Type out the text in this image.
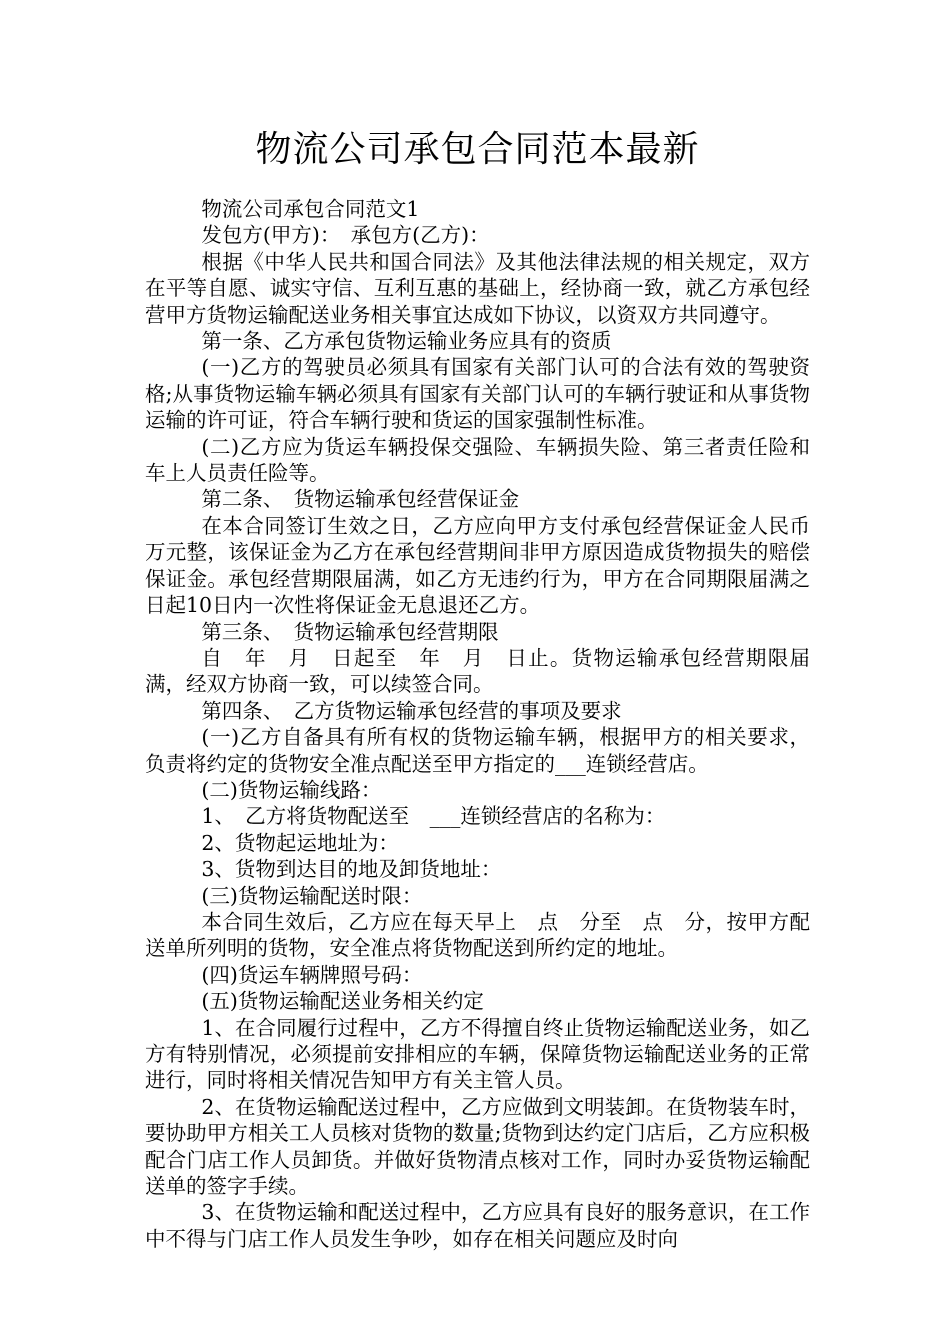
物流公司承包合同范本最新

物流公司承包合同范文1

发包方(甲方)：　承包方(乙方)：

根据《中华人民共和国合同法》及其他法律法规的相关规定，双方在平等自愿、诚实守信、互利互惠的基础上，经协商一致，就乙方承包经营甲方货物运输配送业务相关事宜达成如下协议，以资双方共同遵守。

第一条、乙方承包货物运输业务应具有的资质

(一)乙方的驾驶员必须具有国家有关部门认可的合法有效的驾驶资格;从事货物运输车辆必须具有国家有关部门认可的车辆行驶证和从事货物运输的许可证，符合车辆行驶和货运的国家强制性标准。

(二)乙方应为货运车辆投保交强险、车辆损失险、第三者责任险和车上人员责任险等。

第二条、　货物运输承包经营保证金

在本合同签订生效之日，乙方应向甲方支付承包经营保证金人民币万元整，该保证金为乙方在承包经营期间非甲方原因造成货物损失的赔偿保证金。承包经营期限届满，如乙方无违约行为，甲方在合同期限届满之日起10日内一次性将保证金无息退还乙方。

第三条、　货物运输承包经营期限

自　年　月　日起至　年　月　日止。货物运输承包经营期限届满，经双方协商一致，可以续签合同。

第四条、　乙方货物运输承包经营的事项及要求

(一)乙方自备具有所有权的货物运输车辆，根据甲方的相关要求，负责将约定的货物安全准点配送至甲方指定的___连锁经营店。

(二)货物运输线路：

1、　乙方将货物配送至　___连锁经营店的名称为：

2、货物起运地址为：

3、货物到达目的地及卸货地址：

(三)货物运输配送时限：

本合同生效后，乙方应在每天早上　点　分至　点　分，按甲方配送单所列明的货物，安全准点将货物配送到所约定的地址。

(四)货运车辆牌照号码：

(五)货物运输配送业务相关约定

1、在合同履行过程中，乙方不得擅自终止货物运输配送业务，如乙方有特别情况，必须提前安排相应的车辆，保障货物运输配送业务的正常进行，同时将相关情况告知甲方有关主管人员。

2、在货物运输配送过程中，乙方应做到文明装卸。在货物装车时，要协助甲方相关工人员核对货物的数量;货物到达约定门店后，乙方应积极配合门店工作人员卸货。并做好货物清点核对工作，同时办妥货物运输配送单的签字手续。

3、在货物运输和配送过程中，乙方应具有良好的服务意识，在工作中不得与门店工作人员发生争吵，如存在相关问题应及时向
